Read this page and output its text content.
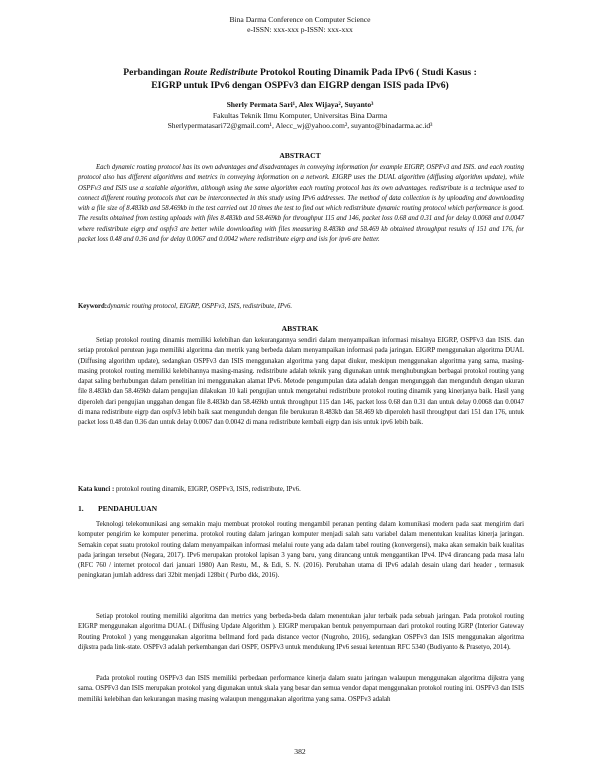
Bina Darma Conference on Computer Science
e-ISSN: xxx-xxx p-ISSN: xxx-xxx
Perbandingan Route Redistribute Protokol Routing Dinamik Pada IPv6 ( Studi Kasus :
EIGRP untuk IPv6 dengan OSPFv3 dan EIGRP dengan ISIS pada IPv6)
Sherly Permata Sari¹, Alex Wijaya², Suyanto³
Fakultas Teknik Ilmu Komputer, Universitas Bina Darma
Sherlypermatasari72@gmail.com¹, Alecc_wj@yahoo.com², suyanto@binadarma.ac.id³
ABSTRACT

Each dynamic routing protocol has its own advantages and disadvantages in conveying information for example EIGRP, OSPFv3 and ISIS. and each routing protocol also has different algorithms and metrics in conveying information on a network. EIGRP uses the DUAL algorithm (diffusing algorithm update), while OSPFv3 and ISIS use a scalable algorithm, although using the same algorithm each routing protocol has its own advantages. redistribute is a technique used to connect different routing protocols that can be interconnected in this study using IPv6 addresses. The method of data collection is by uploading and downloading with a file size of 8.483kb and 58.469kb in the test carried out 10 times the test to find out which redistribute dynamic routing protocol which performance is good. The results obtained from testing uploads with files 8.483kb and 58.469kb for throughput 115 and 146, packet loss 0.68 and 0.31 and for delay 0.0068 and 0.0047 where redistribute eigrp and ospfv3 are better while downloading with files measuring 8.483kb and 58.469 kb obtained throughput results of 151 and 176, for packet loss 0.48 and 0.36 and for delay 0.0067 and 0.0042 where redistribute eigrp and isis for ipv6 are better.

Keyword:dynamic routing protocol, EIGRP, OSPFv3, ISIS, redistribute, IPv6.

ABSTRAK

Setiap protokol routing dinamis memiliki kelebihan dan kekurangannya sendiri dalam menyampaikan informasi misalnya EIGRP, OSPFv3 dan ISIS. dan setiap protokol perutean juga memiliki algoritma dan metrik yang berbeda dalam menyampaikan informasi pada jaringan. EIGRP menggunakan algoritma DUAL (Diffusing algorithm update), sedangkan OSPFv3 dan ISIS menggunakan algoritma yang dapat diukur, meskipun menggunakan algoritma yang sama, masing-masing protokol routing memiliki kelebihannya masing-masing. redistribute adalah teknik yang digunakan untuk menghubungkan berbagai protokol routing yang dapat saling berhubungan dalam penelitian ini menggunakan alamat IPv6. Metode pengumpulan data adalah dengan mengunggah dan mengunduh dengan ukuran file 8.483kb dan 58.469kb dalam pengujian dilakukan 10 kali pengujian untuk mengetahui redistribute protokol routing dinamik yang kinerjanya baik. Hasil yang diperoleh dari pengujian unggahan dengan file 8.483kb dan 58.469kb untuk throughput 115 dan 146, packet loss 0.68 dan 0.31 dan untuk delay 0.0068 dan 0.0047 di mana redistribute eigrp dan ospfv3 lebih baik saat mengunduh dengan file berukuran 8.483kb dan 58.469 kb diperoleh hasil throughput dari 151 dan 176, untuk packet loss 0.48 dan 0.36 dan untuk delay 0.0067 dan 0.0042 di mana redistribute kembali eigrp dan isis untuk ipv6 lebih baik.

Kata kunci : protokol routing dinamik, EIGRP, OSPFv3, ISIS, redistribute, IPv6.

1. PENDAHULUAN

Teknologi telekomunikasi ang semakin maju membuat protokol routing mengambil peranan penting dalam komunikasi modern pada saat mengirim dari komputer pengirim ke komputer penerima. protokol routing dalam jaringan komputer menjadi salah satu variabel dalam menentukan kualitas kinerja jaringan. Semakin cepat suatu protokol routing dalam menyampaikan informasi melalui route yang ada dalam tabel routing (konvergensi), maka akan semakin baik kualitas pada jaringan tersebut (Negara, 2017). IPv6 merupakan protokol lapisan 3 yang baru, yang dirancang untuk menggantikan IPv4. IPv4 dirancang pada masa lalu (RFC 760 / internet protocol dari januari 1980) Aan Restu, M., & Edi, S. N. (2016). Perubahan utama di IPv6 adalah desain ulang dari header , termasuk peningkatan jumlah address dari 32bit menjadi 128bit ( Purbo dkk, 2016).

Setiap protokol routing memiliki algoritma dan metrics yang berbeda-beda dalam menentukan jalur terbaik pada sebuah jaringan. Pada protokol routing EIGRP menggunakan algoritma DUAL ( Diffusing Update Algorithm ). EIGRP merupakan bentuk penyempurnaan dari protokol routing IGRP (Interior Gateway Routing Protokol ) yang menggunakan algoritma bellmand ford pada distance vector (Nugroho, 2016), sedangkan OSPFv3 dan ISIS menggunakan algoritma dijkstra pada link-state. OSPFv3 adalah perkembangan dari OSPF, OSPFv3 untuk mendukung IPv6 sesuai ketentuan RFC 5340 (Budiyanto & Prasetyo, 2014).

Pada protokol routing OSPFv3 dan ISIS memiliki perbedaan performance kinerja dalam suatu jaringan walaupun menggunakan algoritma dijkstra yang sama. OSPFv3 dan ISIS merupakan protokol yang digunakan untuk skala yang besar dan semua vendor dapat menggunakan protokol routing ini. OSPFv3 dan ISIS memiliki kelebihan dan kekurangan masing masing walaupun menggunakan algoritma yang sama. OSPFv3 adalah

382
